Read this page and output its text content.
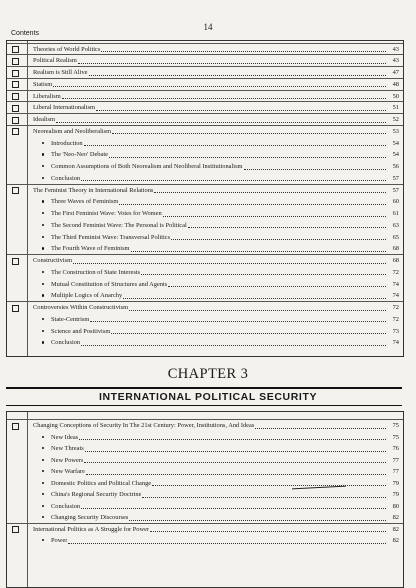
14
Contents
Theories of World Politics	43
Political Realism	43
Realism is Still Alive	47
Statism	48
Liberalism	50
Liberal Internationalism	51
Idealism	52
Neorealism and Neoliberalism	53
Introduction	54
The 'Neo-Neo' Debate	54
Common Assumptions of Both Neorealism and Neoliberal Institutionalism	56
Conclusion	57
The Feminist Theory in International Relations	57
Three Waves of Feminism	60
The First Feminist Wave: Votes for Women	61
The Second Feminist Wave: The Personal is Political	63
The Third Feminist Wave: Transversal Politics	65
The Fourth Wave of Feminism	68
Constructivism	68
The Construction of State Interests	72
Mutual Constitution of Structures and Agents	74
Multiple Logics of Anarchy	74
Controversies Within Constructivism	72
State-Centrism	72
Science and Positivism	73
Conclusion	74
CHAPTER 3
INTERNATIONAL POLITICAL SECURITY
Changing Conceptions of Security In The 21st Century: Power, Institutions, And Ideas	75
New Ideas	75
New Threats	76
New Powers	77
New Warfare	77
Domestic Politics and Political Change	79
China's Regional Security Doctrine	79
Conclusion	80
Changing Security Discourses	82
International Politics as A Struggle for Power	82
Power	82
